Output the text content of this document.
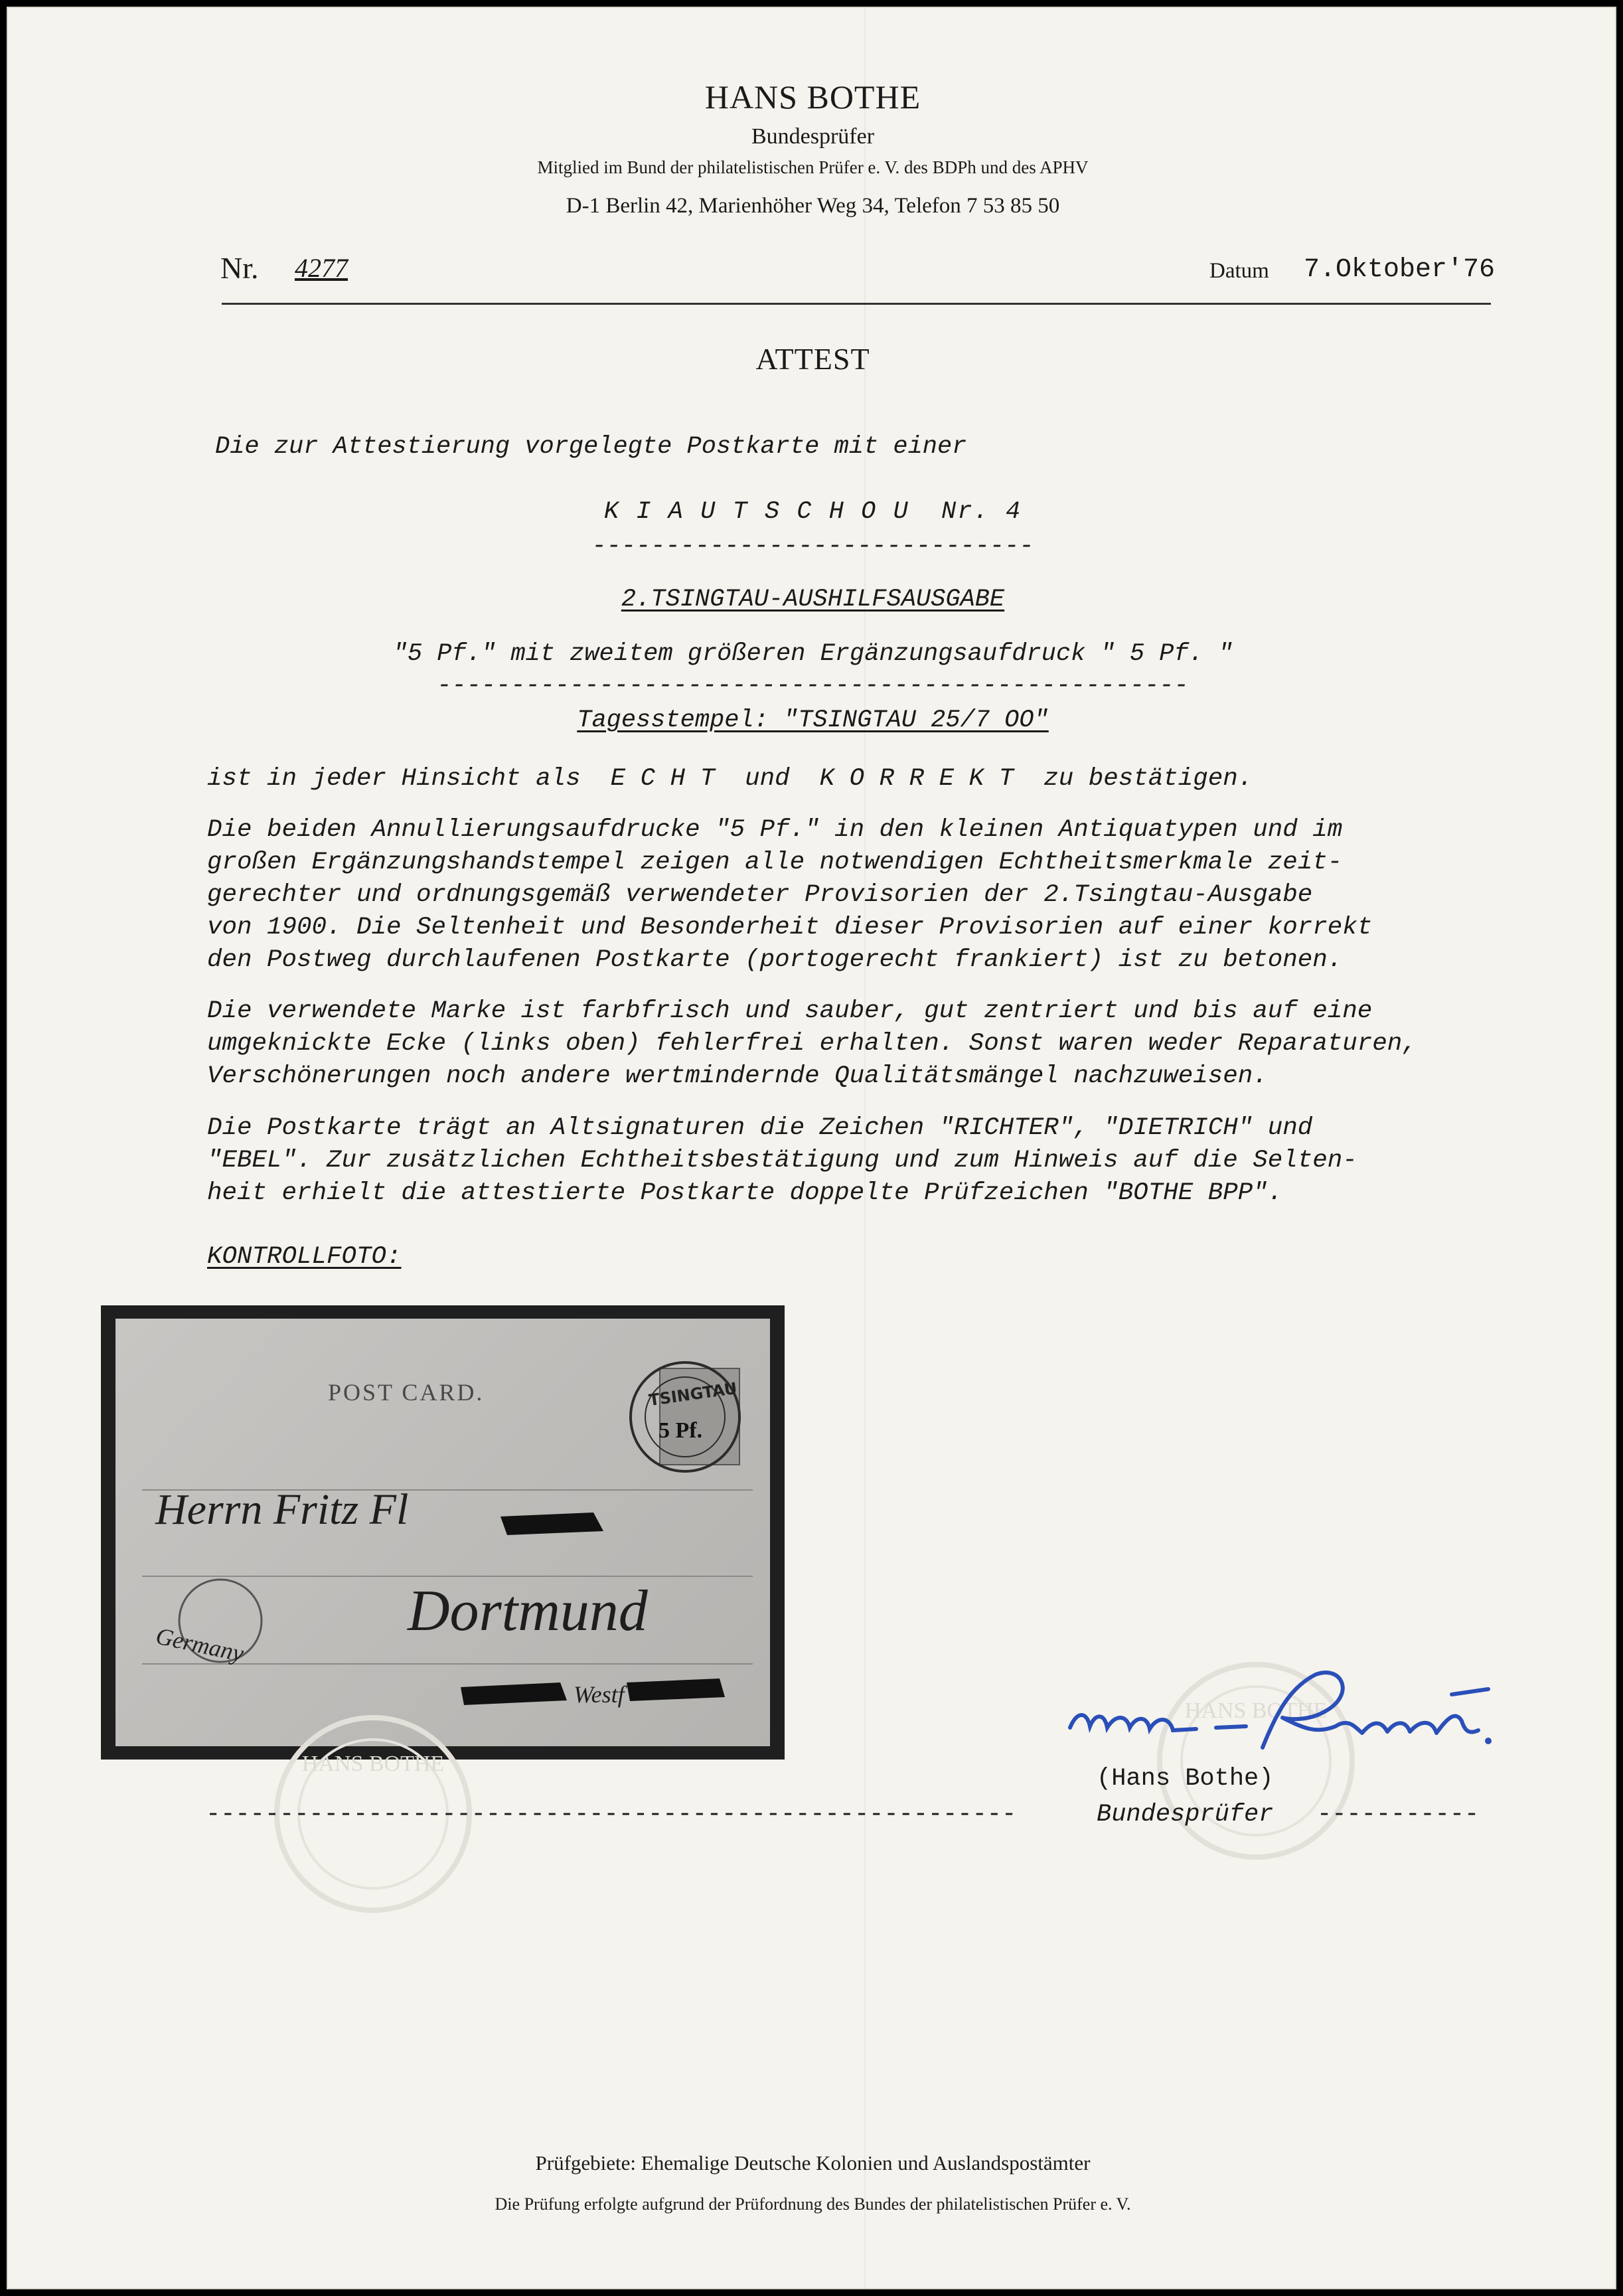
HANS BOTHE
Bundesprüfer
Mitglied im Bund der philatelistischen Prüfer e. V. des BDPh und des APHV
D-1 Berlin 42, Marienhöher Weg 34, Telefon 7 53 85 50
Nr. 4277	Datum 7.Oktober'76
ATTEST
Die zur Attestierung vorgelegte Postkarte mit einer
K I A U T S C H O U  Nr. 4
------------------------------
2.TSINGTAU-AUSHILFSAUSGABE
"5 Pf." mit zweitem größeren Ergänzungsaufdruck " 5 Pf. "
---------------------------------------------------
Tagesstempel: "TSINGTAU 25/7 OO"
ist in jeder Hinsicht als  E C H T  und  K O R R E K T  zu bestätigen.
Die beiden Annullierungsaufdrucke "5 Pf." in den kleinen Antiquatypen und im
großen Ergänzungshandstempel zeigen alle notwendigen Echtheitsmerkmale zeit-
gerechter und ordnungsgemäß verwendeter Provisorien der 2.Tsingtau-Ausgabe
von 1900. Die Seltenheit und Besonderheit dieser Provisorien auf einer korrekt
den Postweg durchlaufenen Postkarte (portogerecht frankiert) ist zu betonen.
Die verwendete Marke ist farbfrisch und sauber, gut zentriert und bis auf eine
umgeknickte Ecke (links oben) fehlerfrei erhalten. Sonst waren weder Reparaturen,
Verschönerungen noch andere wertmindernde Qualitätsmängel nachzuweisen.
Die Postkarte trägt an Altsignaturen die Zeichen "RICHTER", "DIETRICH" und
"EBEL". Zur zusätzlichen Echtheitsbestätigung und zum Hinweis auf die Selten-
heit erhielt die attestierte Postkarte doppelte Prüfzeichen "BOTHE BPP".
KONTROLLFOTO:
POST CARD.	TSINGTAU
5 Pf.
Herrn Fritz Fl
Dortmund
Westf
Germany
HANS BOTHE
HANS BOTHE
(Hans Bothe)
-------------------------------------------------------	Bundesprüfer -----------
Prüfgebiete: Ehemalige Deutsche Kolonien und Auslandspostämter
Die Prüfung erfolgte aufgrund der Prüfordnung des Bundes der philatelistischen Prüfer e. V.
